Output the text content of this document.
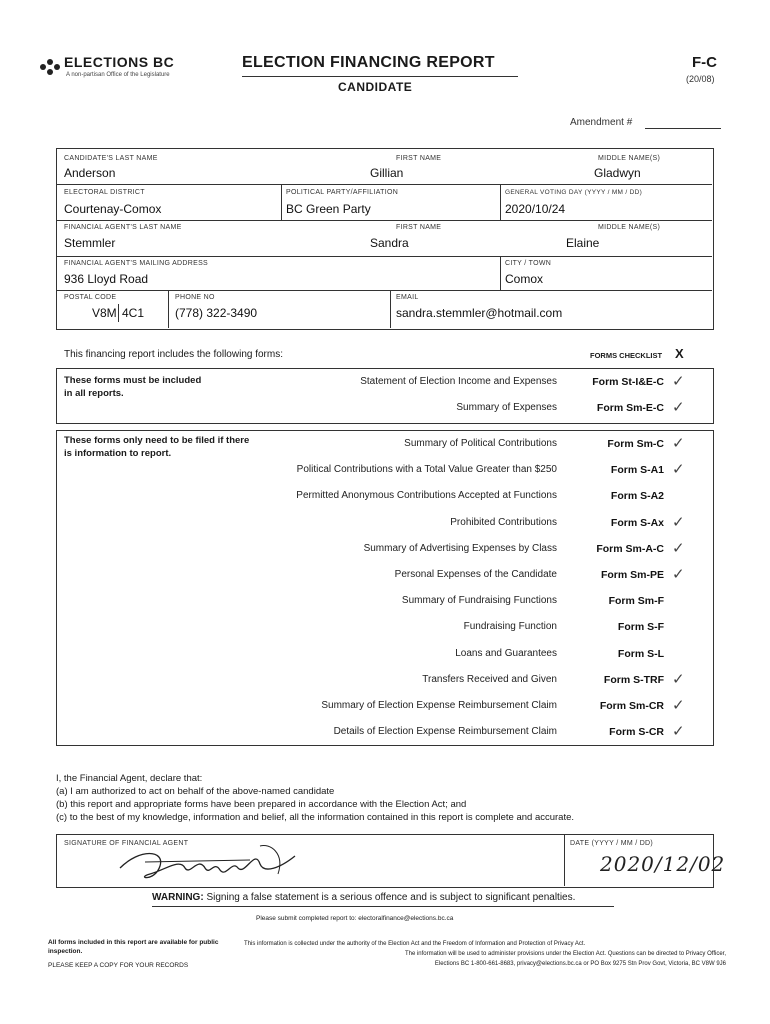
ELECTIONS BC
A non-partisan Office of the Legislature
ELECTION FINANCING REPORT
CANDIDATE
F-C
(20/08)
Amendment #
CANDIDATE'S LAST NAME
Anderson
FIRST NAME
Gillian
MIDDLE NAME(S)
Gladwyn
ELECTORAL DISTRICT
Courtenay-Comox
POLITICAL PARTY/AFFILIATION
BC Green Party
GENERAL VOTING DAY (YYYY / MM / DD)
2020/10/24
FINANCIAL AGENT'S LAST NAME
Stemmler
FIRST NAME
Sandra
MIDDLE NAME(S)
Elaine
FINANCIAL AGENT'S MAILING ADDRESS
936 Lloyd Road
CITY / TOWN
Comox
POSTAL CODE
V8M 4C1
PHONE NO
(778) 322-3490
EMAIL
sandra.stemmler@hotmail.com
This financing report includes the following forms:	FORMS CHECKLIST X
These forms must be included in all reports.
Statement of Election Income and Expenses	Form St-I&E-C ✓
Summary of Expenses	Form Sm-E-C ✓
These forms only need to be filed if there is information to report.
Summary of Political Contributions	Form Sm-C ✓
Political Contributions with a Total Value Greater than $250	Form S-A1 ✓
Permitted Anonymous Contributions Accepted at Functions	Form S-A2
Prohibited Contributions	Form S-Ax ✓
Summary of Advertising Expenses by Class	Form Sm-A-C ✓
Personal Expenses of the Candidate	Form Sm-PE ✓
Summary of Fundraising Functions	Form Sm-F
Fundraising Function	Form S-F
Loans and Guarantees	Form S-L
Transfers Received and Given	Form S-TRF ✓
Summary of Election Expense Reimbursement Claim	Form Sm-CR ✓
Details of Election Expense Reimbursement Claim	Form S-CR ✓
I, the Financial Agent, declare that:
(a) I am authorized to act on behalf of the above-named candidate
(b) this report and appropriate forms have been prepared in accordance with the Election Act; and
(c) to the best of my knowledge, information and belief, all the information contained in this report is complete and accurate.
SIGNATURE OF FINANCIAL AGENT	DATE (YYYY / MM / DD)
2020/12/02
WARNING: Signing a false statement is a serious offence and is subject to significant penalties.
Please submit completed report to: electoralfinance@elections.bc.ca
All forms included in this report are available for public inspection.
PLEASE KEEP A COPY FOR YOUR RECORDS
This information is collected under the authority of the Election Act and the Freedom of Information and Protection of Privacy Act.
The information will be used to administer provisions under the Election Act. Questions can be directed to Privacy Officer,
Elections BC 1-800-661-8683, privacy@elections.bc.ca or PO Box 9275 Stn Prov Govt, Victoria, BC V8W 9J6
